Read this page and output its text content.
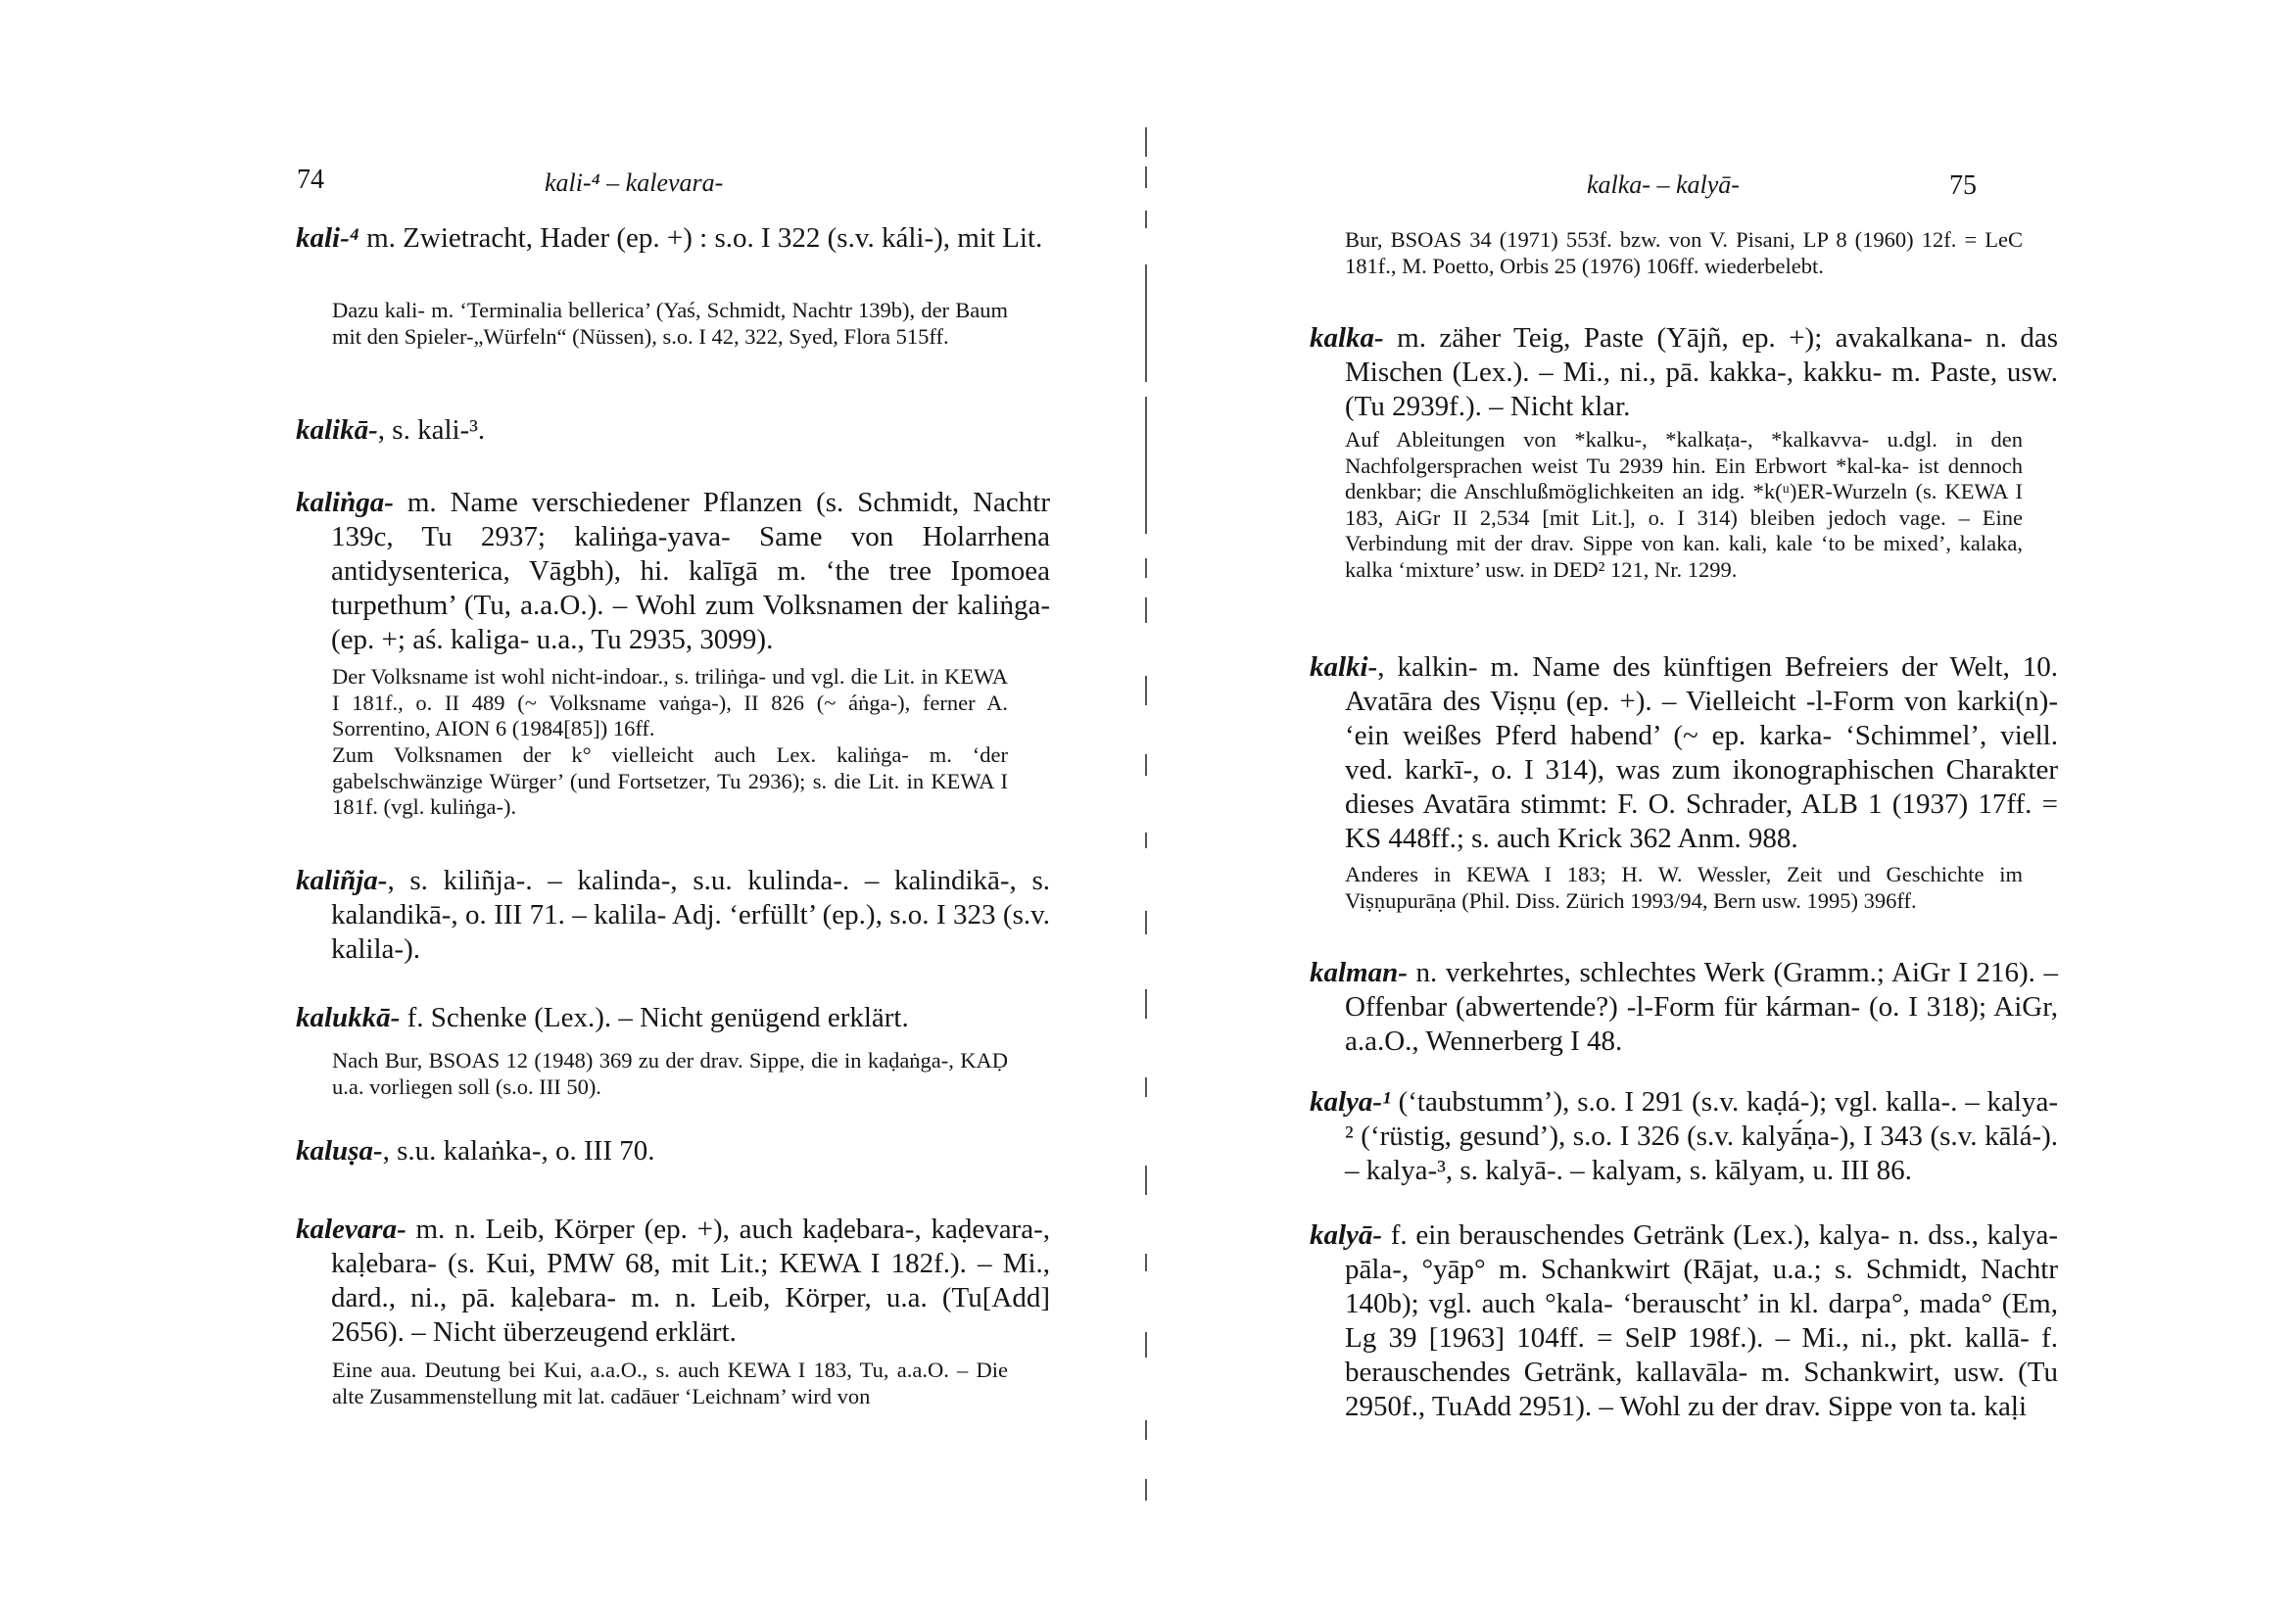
74	kali-⁴ – kalevara-

kali-⁴ m. Zwietracht, Hader (ep. +) : s.o. I 322 (s.v. káli-), mit Lit.

Dazu kali- m. ‘Terminalia bellerica’ (Yaś, Schmidt, Nachtr 139b), der Baum mit den Spieler-„Würfeln“ (Nüssen), s.o. I 42, 322, Syed, Flora 515ff.

kalikā-, s. kali-³.

kaliṅga- m. Name verschiedener Pflanzen (s. Schmidt, Nachtr 139c, Tu 2937; kaliṅga-yava- Same von Holarrhena antidysenterica, Vāgbh), hi. kalīgā m. ‘the tree Ipomoea turpethum’ (Tu, a.a.O.). – Wohl zum Volksnamen der kaliṅga- (ep. +; aś. kaliga- u.a., Tu 2935, 3099).

Der Volksname ist wohl nicht-indoar., s. triliṅga- und vgl. die Lit. in KEWA I 181f., o. II 489 (~ Volksname vaṅga-), II 826 (~ áṅga-), ferner A. Sorrentino, AION 6 (1984[85]) 16ff.

Zum Volksnamen der k° vielleicht auch Lex. kaliṅga- m. ‘der gabelschwänzige Würger’ (und Fortsetzer, Tu 2936); s. die Lit. in KEWA I 181f. (vgl. kuliṅga-).

kaliñja-, s. kiliñja-. – kalinda-, s.u. kulinda-. – kalindikā-, s. kalandikā-, o. III 71. – kalila- Adj. ‘erfüllt’ (ep.), s.o. I 323 (s.v. kalila-).

kalukkā- f. Schenke (Lex.). – Nicht genügend erklärt.

Nach Bur, BSOAS 12 (1948) 369 zu der drav. Sippe, die in kaḍaṅga-, KAḌ u.a. vorliegen soll (s.o. III 50).

kaluṣa-, s.u. kalaṅka-, o. III 70.

kalevara- m. n. Leib, Körper (ep. +), auch kaḍebara-, kaḍevara-, kaḷebara- (s. Kui, PMW 68, mit Lit.; KEWA I 182f.). – Mi., dard., ni., pā. kaḷebara- m. n. Leib, Körper, u.a. (Tu[Add] 2656). – Nicht überzeugend erklärt.

Eine aua. Deutung bei Kui, a.a.O., s. auch KEWA I 183, Tu, a.a.O. – Die alte Zusammenstellung mit lat. cadāuer ‘Leichnam’ wird von

kalka- – kalyā-	75

Bur, BSOAS 34 (1971) 553f. bzw. von V. Pisani, LP 8 (1960) 12f. = LeC 181f., M. Poetto, Orbis 25 (1976) 106ff. wiederbelebt.

kalka- m. zäher Teig, Paste (Yājñ, ep. +); avakalkana- n. das Mischen (Lex.). – Mi., ni., pā. kakka-, kakku- m. Paste, usw. (Tu 2939f.). – Nicht klar.

Auf Ableitungen von *kalku-, *kalkaṭa-, *kalkavva- u.dgl. in den Nachfolgersprachen weist Tu 2939 hin. Ein Erbwort *kal-ka- ist dennoch denkbar; die Anschlußmöglichkeiten an idg. *k(ᵘ)ER-Wurzeln (s. KEWA I 183, AiGr II 2,534 [mit Lit.], o. I 314) bleiben jedoch vage. – Eine Verbindung mit der drav. Sippe von kan. kali, kale ‘to be mixed’, kalaka, kalka ‘mixture’ usw. in DED² 121, Nr. 1299.

kalki-, kalkin- m. Name des künftigen Befreiers der Welt, 10. Avatāra des Viṣṇu (ep. +). – Vielleicht -l-Form von karki(n)- ‘ein weißes Pferd habend’ (~ ep. karka- ‘Schimmel’, viell. ved. karkī-, o. I 314), was zum ikonographischen Charakter dieses Avatāra stimmt: F. O. Schrader, ALB 1 (1937) 17ff. = KS 448ff.; s. auch Krick 362 Anm. 988.

Anderes in KEWA I 183; H. W. Wessler, Zeit und Geschichte im Viṣṇupurāṇa (Phil. Diss. Zürich 1993/94, Bern usw. 1995) 396ff.

kalman- n. verkehrtes, schlechtes Werk (Gramm.; AiGr I 216). – Offenbar (abwertende?) -l-Form für kárman- (o. I 318); AiGr, a.a.O., Wennerberg I 48.

kalya-¹ (‘taubstumm’), s.o. I 291 (s.v. kaḍá-); vgl. kalla-. – kalya-² (‘rüstig, gesund’), s.o. I 326 (s.v. kalyā́ṇa-), I 343 (s.v. kālá-). – kalya-³, s. kalyā-. – kalyam, s. kālyam, u. III 86.

kalyā- f. ein berauschendes Getränk (Lex.), kalya- n. dss., kalya-pāla-, °yāp° m. Schankwirt (Rājat, u.a.; s. Schmidt, Nachtr 140b); vgl. auch °kala- ‘berauscht’ in kl. darpa°, mada° (Em, Lg 39 [1963] 104ff. = SelP 198f.). – Mi., ni., pkt. kallā- f. berauschendes Getränk, kallavāla- m. Schankwirt, usw. (Tu 2950f., TuAdd 2951). – Wohl zu der drav. Sippe von ta. kaḷi
